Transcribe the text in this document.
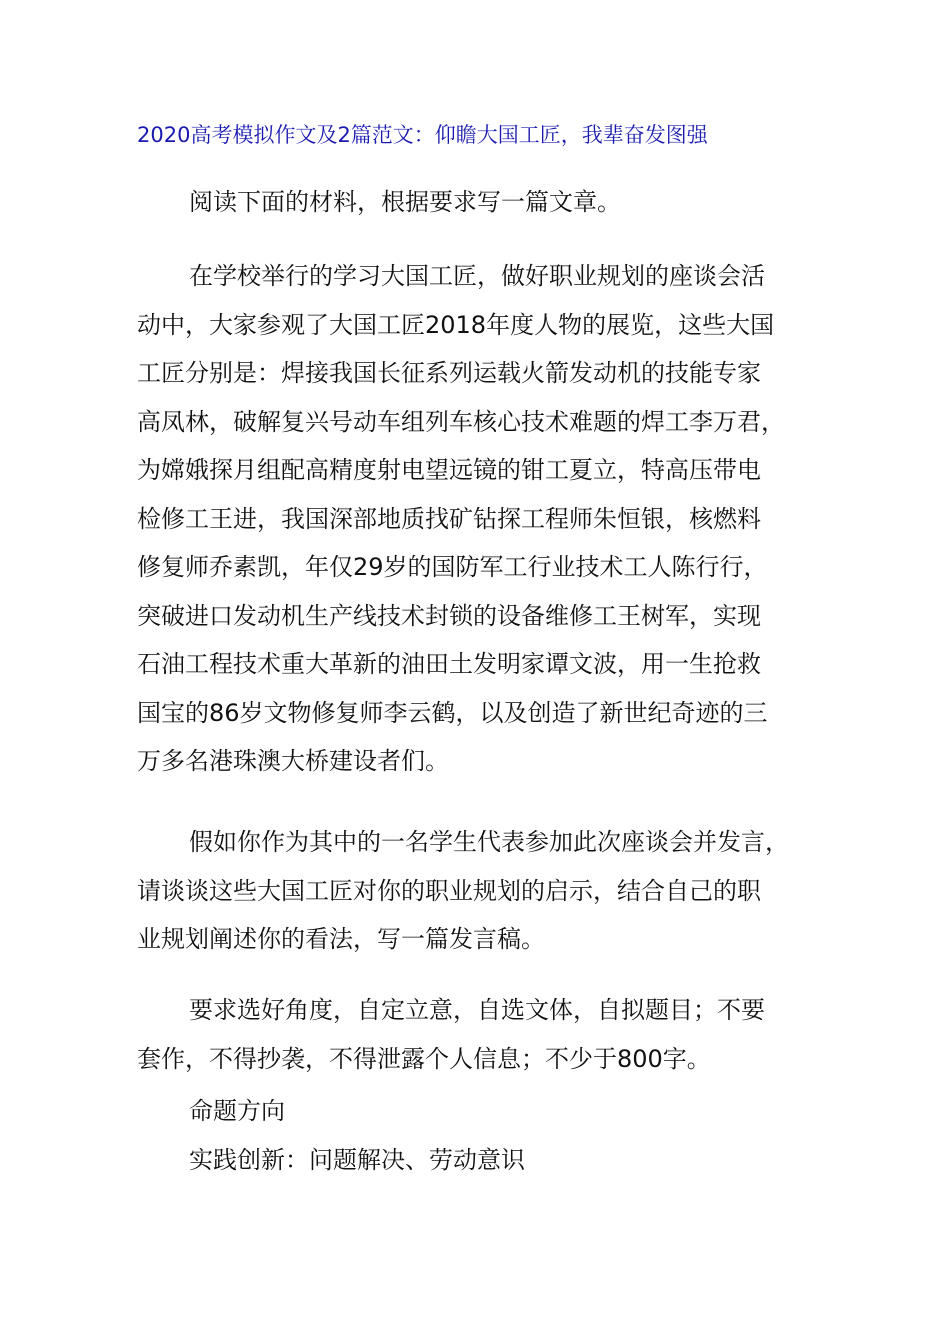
2020高考模拟作文及2篇范文：仰瞻大国工匠，我辈奋发图强
阅读下面的材料，根据要求写一篇文章。
在学校举行的学习大国工匠，做好职业规划的座谈会活
动中，大家参观了大国工匠2018年度人物的展览，这些大国
工匠分别是：焊接我国长征系列运载火箭发动机的技能专家
高凤林，破解复兴号动车组列车核心技术难题的焊工李万君，
为嫦娥探月组配高精度射电望远镜的钳工夏立，特高压带电
检修工王进，我国深部地质找矿钻探工程师朱恒银，核燃料
修复师乔素凯，年仅29岁的国防军工行业技术工人陈行行，
突破进口发动机生产线技术封锁的设备维修工王树军，实现
石油工程技术重大革新的油田土发明家谭文波，用一生抢救
国宝的86岁文物修复师李云鹤，以及创造了新世纪奇迹的三
万多名港珠澳大桥建设者们。
假如你作为其中的一名学生代表参加此次座谈会并发言，
请谈谈这些大国工匠对你的职业规划的启示，结合自己的职
业规划阐述你的看法，写一篇发言稿。
要求选好角度，自定立意，自选文体，自拟题目；不要
套作，不得抄袭，不得泄露个人信息；不少于800字。
命题方向
实践创新：问题解决、劳动意识
